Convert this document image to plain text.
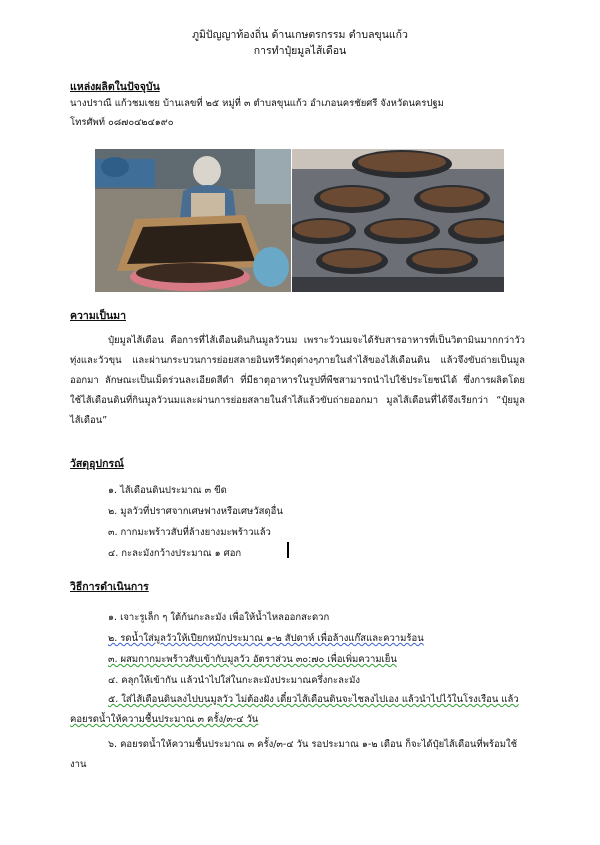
ภูมิปัญญาท้องถิ่น ด้านเกษตรกรรม ตำบลขุนแก้ว
การทำปุ๋ยมูลไส้เดือน
แหล่งผลิตในปัจจุบัน
นางปราณี แก้วชมเชย บ้านเลขที่ ๒๕ หมู่ที่ ๓ ตำบลขุนแก้ว อำเภอนครชัยศรี จังหวัดนครปฐม
โทรศัพท์ ๐๘๗๐๔๒๔๑๙๐
ความเป็นมา
ปุ๋ยมูลไส้เดือน คือการที่ไส้เดือนดินกินมูลวัวนม เพราะวัวนมจะได้รับสารอาหารที่เป็นวิตามินมากกว่าวัวทุ่งและวัวขุน และผ่านกระบวนการย่อยสลายอินทรีวัตถุต่างๆภายในลำไส้ของไส้เดือนดิน แล้วจึงขับถ่ายเป็นมูลออกมา ลักษณะเป็นเม็ดร่วนละเอียดสีดำ ที่มีธาตุอาหารในรูปที่พืชสามารถนำไปใช้ประโยชน์ได้ ซึ่งการผลิตโดยใช้ไส้เดือนดินที่กินมูลวัวนมและผ่านการย่อยสลายในลำไส้แล้วขับถ่ายออกมา มูลไส้เดือนที่ได้จึงเรียกว่า “ปุ๋ยมูลไส้เดือน”
วัสดุอุปกรณ์
๑. ไส้เดือนดินประมาณ ๓ ขีด
๒. มูลวัวที่ปราศจากเศษฟางหรือเศษวัสดุอื่น
๓. กากมะพร้าวสับที่ล้างยางมะพร้าวแล้ว
๔. กะละมังกว้างประมาณ ๑ ศอก
วิธีการดำเนินการ
๑. เจาะรูเล็ก ๆ ใต้ก้นกะละมัง เพื่อให้น้ำไหลออกสะดวก
๒. รดน้ำใส่มูลวัวให้เปียกหมักประมาณ ๑-๒ สัปดาห์ เพื่อล้างแก๊สและความร้อน
๓. ผสมกากมะพร้าวสับเข้ากับมูลวัว อัตราส่วน ๓๐:๗๐ เพื่อเพิ่มความเย็น
๔. คลุกให้เข้ากัน แล้วนำไปใส่ในกะละมังประมาณครึ่งกะละมัง
๕. ใส่ไส้เดือนดินลงไปบนมูลวัว ไม่ต้องฝัง เดี๋ยวไส้เดือนดินจะไชลงไปเอง แล้วนำไปไว้ในโรงเรือน แล้วคอยรดน้ำให้ความชื้นประมาณ ๓ ครั้ง/๓-๔ วัน
๖. คอยรดน้ำให้ความชื้นประมาณ ๓ ครั้ง/๓-๔ วัน รอประมาณ ๑-๒ เดือน ก็จะได้ปุ๋ยไส้เดือนที่พร้อมใช้งาน
